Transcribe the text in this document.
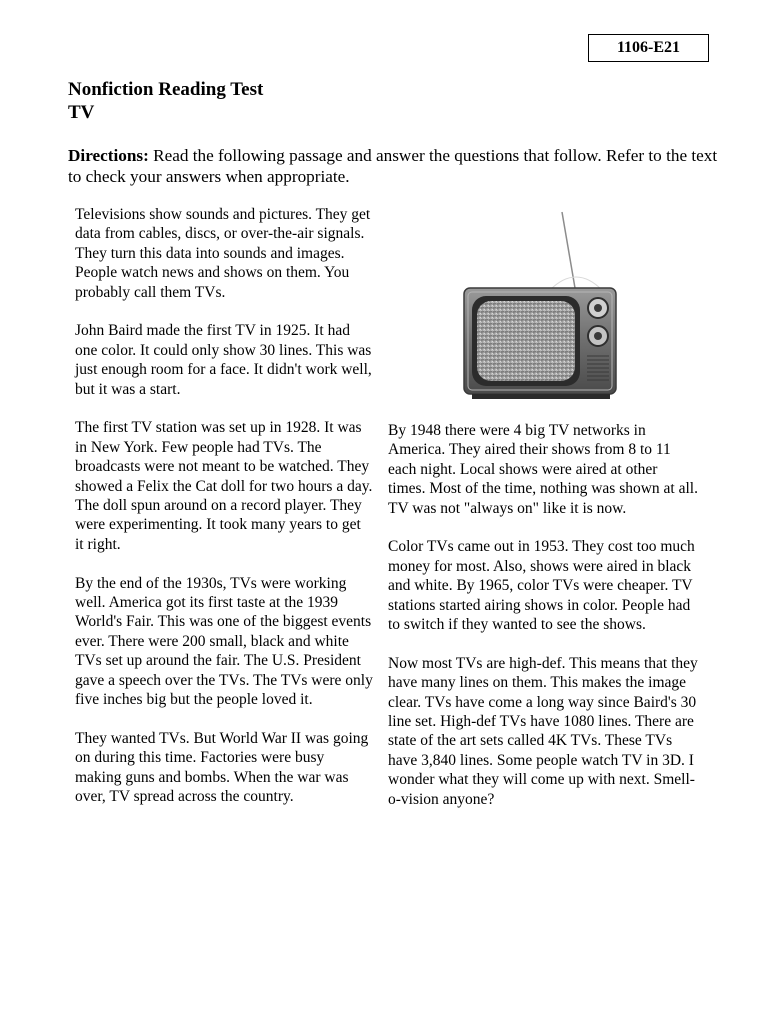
1106-E21
Nonfiction Reading Test
TV
Directions: Read the following passage and answer the questions that follow. Refer to the text to check your answers when appropriate.

Televisions show sounds and pictures. They get data from cables, discs, or over-the-air signals. They turn this data into sounds and images. People watch news and shows on them. You probably call them TVs.

John Baird made the first TV in 1925. It had one color. It could only show 30 lines. This was just enough room for a face. It didn't work well, but it was a start.

The first TV station was set up in 1928. It was in New York. Few people had TVs. The broadcasts were not meant to be watched. They showed a Felix the Cat doll for two hours a day. The doll spun around on a record player. They were experimenting. It took many years to get it right.

By the end of the 1930s, TVs were working well. America got its first taste at the 1939 World's Fair. This was one of the biggest events ever. There were 200 small, black and white TVs set up around the fair. The U.S. President gave a speech over the TVs. The TVs were only five inches big but the people loved it.

They wanted TVs. But World War II was going on during this time. Factories were busy making guns and bombs. When the war was over, TV spread across the country.

By 1948 there were 4 big TV networks in America. They aired their shows from 8 to 11 each night. Local shows were aired at other times. Most of the time, nothing was shown at all. TV was not "always on" like it is now.

Color TVs came out in 1953. They cost too much money for most. Also, shows were aired in black and white. By 1965, color TVs were cheaper. TV stations started airing shows in color. People had to switch if they wanted to see the shows.

Now most TVs are high-def. This means that they have many lines on them. This makes the image clear. TVs have come a long way since Baird's 30 line set. High-def TVs have 1080 lines. There are state of the art sets called 4K TVs. These TVs have 3,840 lines. Some people watch TV in 3D. I wonder what they will come up with next. Smell-o-vision anyone?
